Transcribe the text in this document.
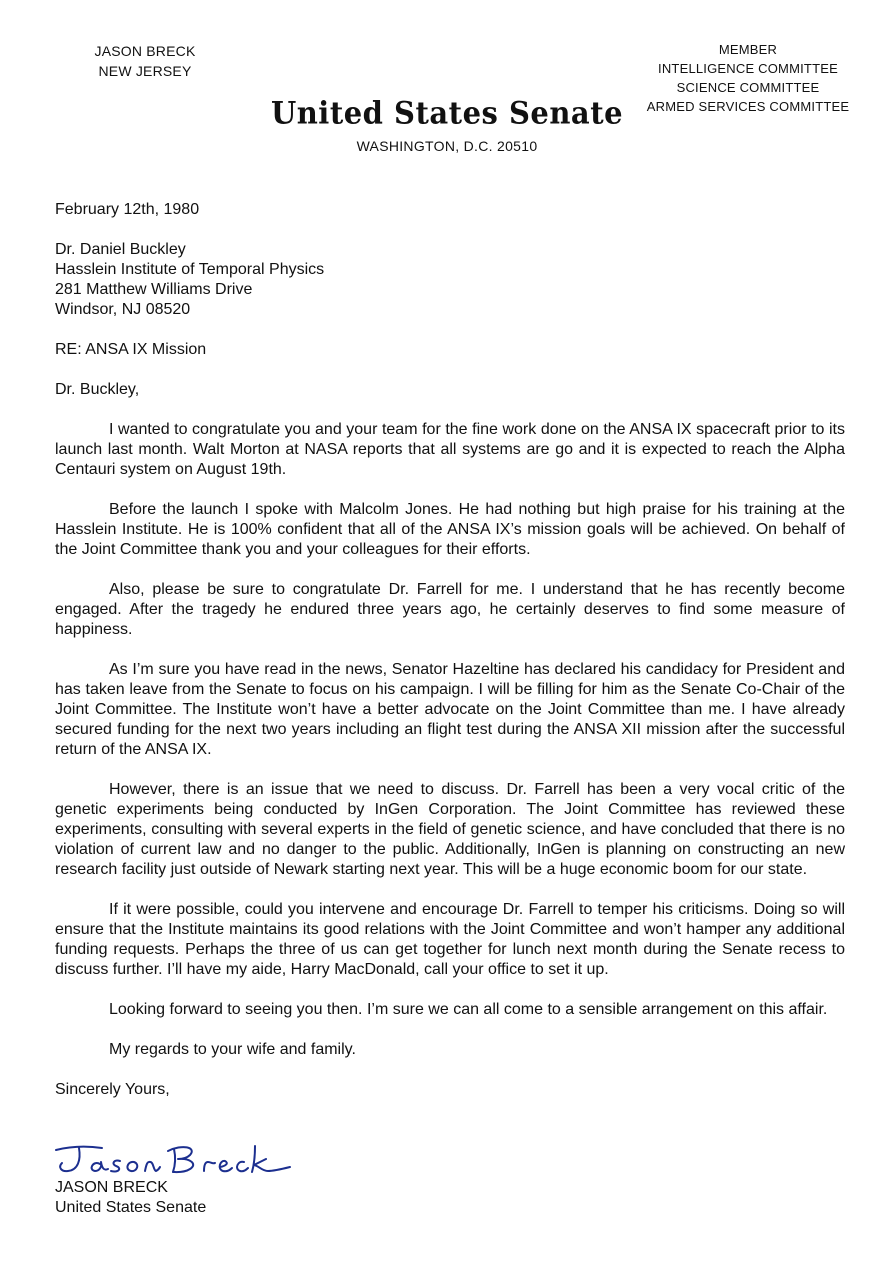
JASON BRECK
NEW JERSEY
MEMBER
INTELLIGENCE COMMITTEE
SCIENCE COMMITTEE
ARMED SERVICES COMMITTEE
United States Senate
WASHINGTON, D.C. 20510

February 12th, 1980

Dr. Daniel Buckley

Hasslein Institute of Temporal Physics

281 Matthew Williams Drive

Windsor, NJ 08520

RE: ANSA IX Mission

Dr. Buckley,

I wanted to congratulate you and your team for the fine work done on the ANSA IX spacecraft prior to its launch last month. Walt Morton at NASA reports that all systems are go and it is expected to reach the Alpha Centauri system on August 19th.

Before the launch I spoke with Malcolm Jones. He had nothing but high praise for his training at the Hasslein Institute. He is 100% confident that all of the ANSA IX’s mission goals will be achieved. On behalf of the Joint Committee thank you and your colleagues for their efforts.

Also, please be sure to congratulate Dr. Farrell for me. I understand that he has recently become engaged. After the tragedy he endured three years ago, he certainly deserves to find some measure of happiness.

As I’m sure you have read in the news, Senator Hazeltine has declared his candidacy for President and has taken leave from the Senate to focus on his campaign. I will be filling for him as the Senate Co-Chair of the Joint Committee. The Institute won’t have a better advocate on the Joint Committee than me. I have already secured funding for the next two years including an flight test during the ANSA XII mission after the successful return of the ANSA IX.

However, there is an issue that we need to discuss. Dr. Farrell has been a very vocal critic of the genetic experiments being conducted by InGen Corporation. The Joint Committee has reviewed these experiments, consulting with several experts in the field of genetic science, and have concluded that there is no violation of current law and no danger to the public. Additionally, InGen is planning on constructing an new research facility just outside of Newark starting next year. This will be a huge economic boom for our state.

If it were possible, could you intervene and encourage Dr. Farrell to temper his criticisms. Doing so will ensure that the Institute maintains its good relations with the Joint Committee and won’t hamper any additional funding requests. Perhaps the three of us can get together for lunch next month during the Senate recess to discuss further. I’ll have my aide, Harry MacDonald, call your office to set it up.

Looking forward to seeing you then. I’m sure we can all come to a sensible arrangement on this affair.

My regards to your wife and family.

Sincerely Yours,

JASON BRECK
United States Senate
